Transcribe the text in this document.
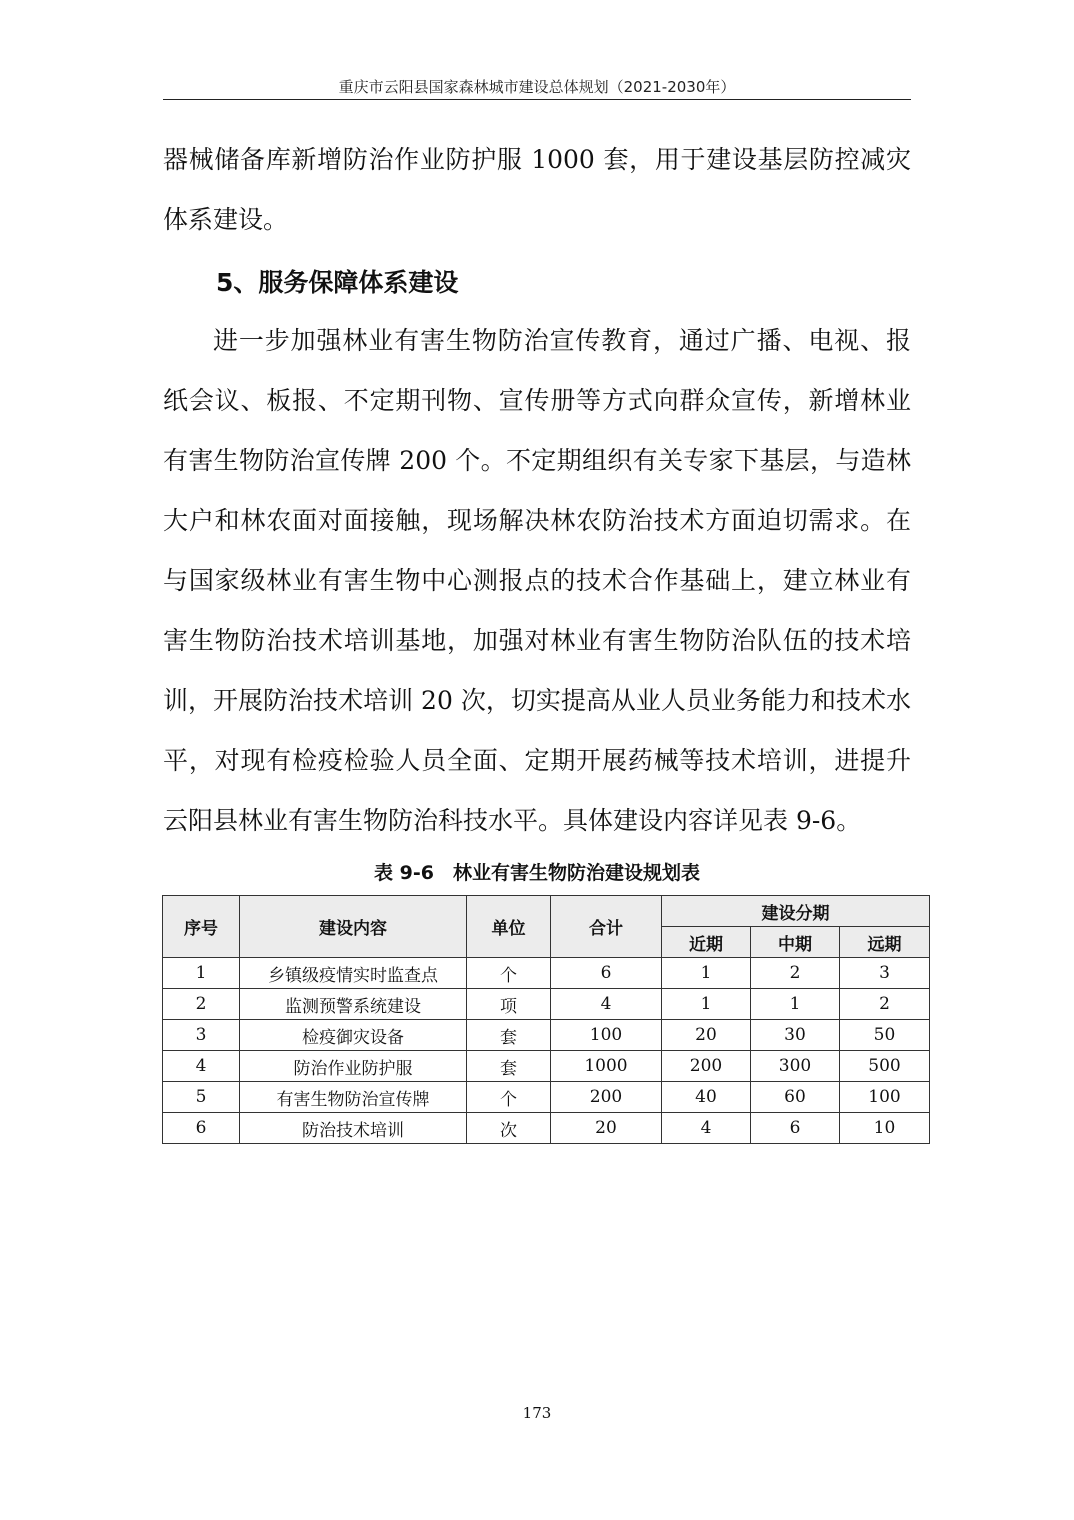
重庆市云阳县国家森林城市建设总体规划（2021-2030年）

器械储备库新增防治作业防护服 1000 套，用于建设基层防控减灾体系建设。

5、服务保障体系建设

进一步加强林业有害生物防治宣传教育，通过广播、电视、报纸会议、板报、不定期刊物、宣传册等方式向群众宣传，新增林业有害生物防治宣传牌 200 个。不定期组织有关专家下基层，与造林大户和林农面对面接触，现场解决林农防治技术方面迫切需求。在与国家级林业有害生物中心测报点的技术合作基础上，建立林业有害生物防治技术培训基地，加强对林业有害生物防治队伍的技术培训，开展防治技术培训 20 次，切实提高从业人员业务能力和技术水平，对现有检疫检验人员全面、定期开展药械等技术培训，进提升云阳县林业有害生物防治科技水平。具体建设内容详见表 9-6。

表 9-6　林业有害生物防治建设规划表
序号	建设内容	单位	合计	建设分期		
				近期	中期	远期
1	乡镇级疫情实时监查点	个	6	1	2	3
2	监测预警系统建设	项	4	1	1	2
3	检疫御灾设备	套	100	20	30	50
4	防治作业防护服	套	1000	200	300	500
5	有害生物防治宣传牌	个	200	40	60	100
6	防治技术培训	次	20	4	6	10
173
